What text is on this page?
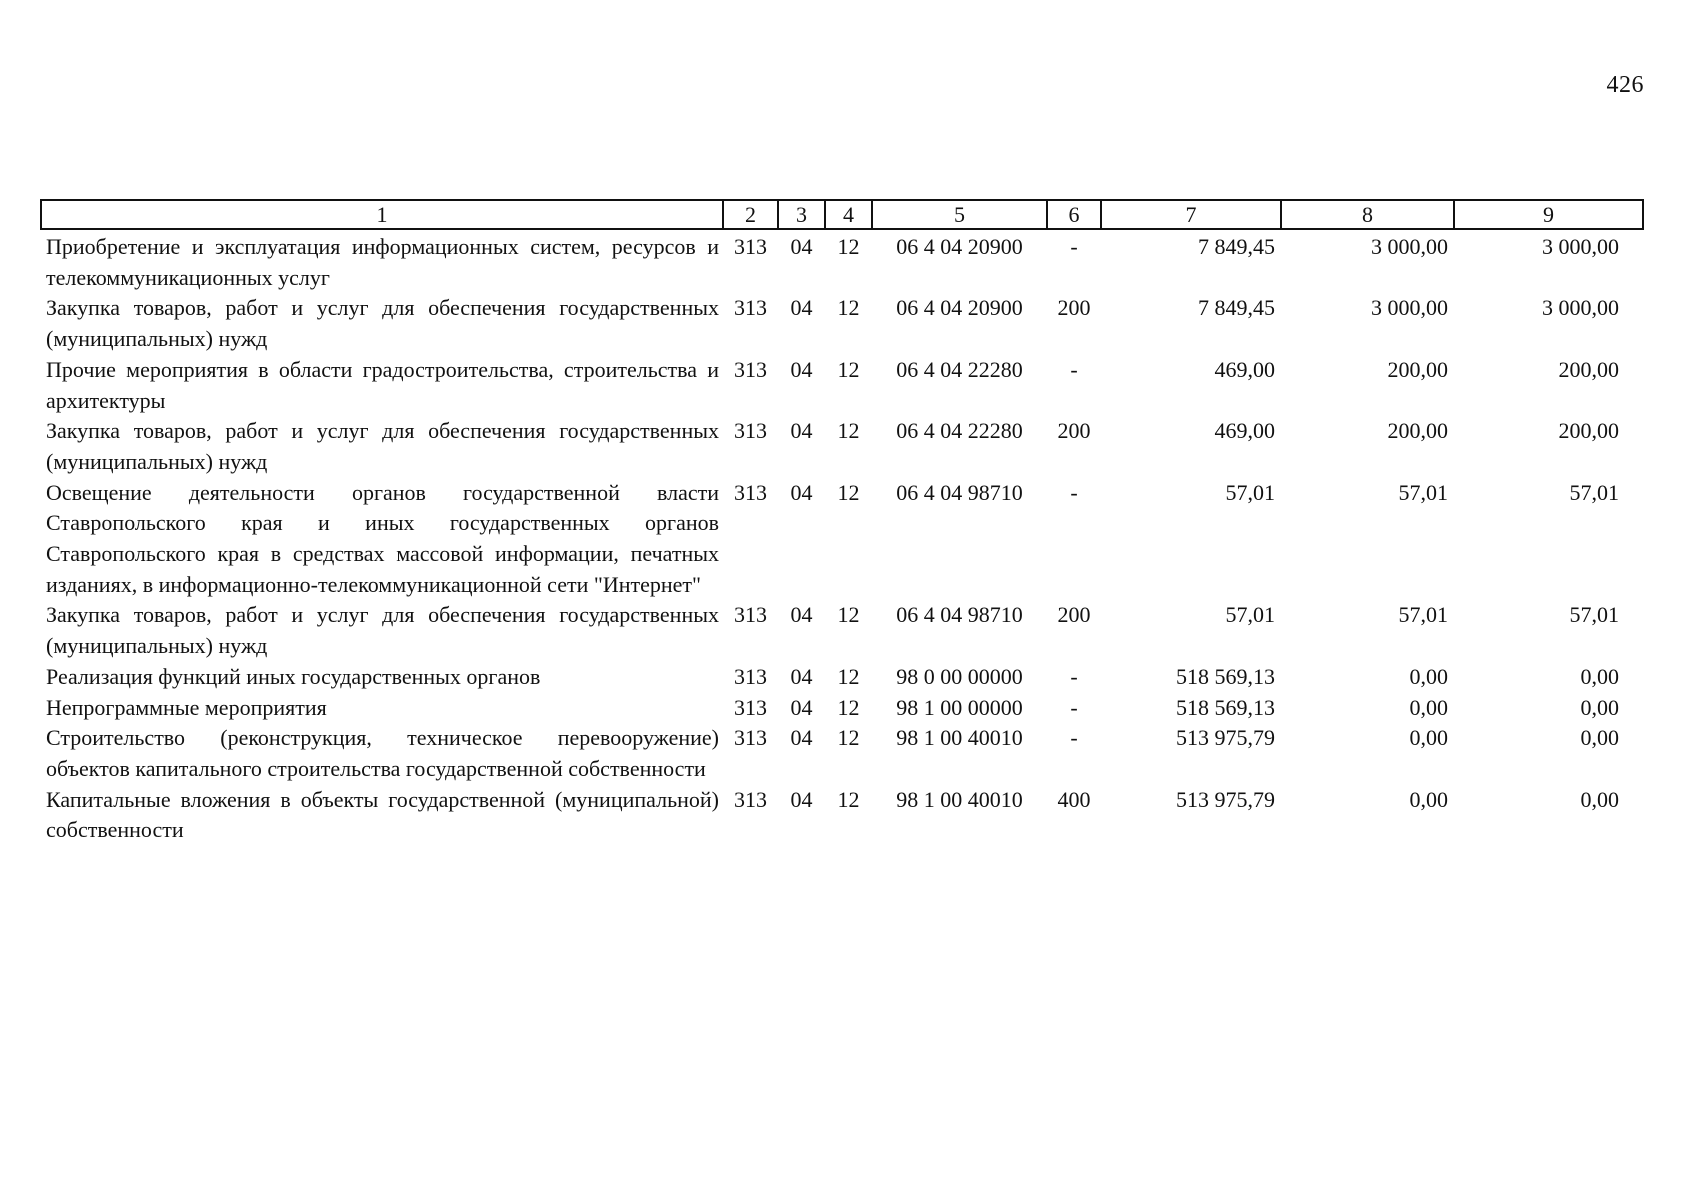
426
1	2	3	4	5	6	7	8	9
Приобретение и эксплуатация информационных систем, ресурсов и телекоммуникационных услуг	313	04	12	06 4 04 20900	-	7 849,45	3 000,00	3 000,00
Закупка товаров, работ и услуг для обеспечения государственных (муниципальных) нужд	313	04	12	06 4 04 20900	200	7 849,45	3 000,00	3 000,00
Прочие мероприятия в области градостроительства, строительства и архитектуры	313	04	12	06 4 04 22280	-	469,00	200,00	200,00
Закупка товаров, работ и услуг для обеспечения государственных (муниципальных) нужд	313	04	12	06 4 04 22280	200	469,00	200,00	200,00
Освещение деятельности органов государственной власти Ставропольского края и иных государственных органов Ставропольского края в средствах массовой информации, печатных изданиях, в информационно-телекоммуникационной сети "Интернет"	313	04	12	06 4 04 98710	-	57,01	57,01	57,01
Закупка товаров, работ и услуг для обеспечения государственных (муниципальных) нужд	313	04	12	06 4 04 98710	200	57,01	57,01	57,01
Реализация функций иных государственных органов	313	04	12	98 0 00 00000	-	518 569,13	0,00	0,00
Непрограммные мероприятия	313	04	12	98 1 00 00000	-	518 569,13	0,00	0,00
Строительство (реконструкция, техническое перевооружение) объектов капитального строительства государственной собственности	313	04	12	98 1 00 40010	-	513 975,79	0,00	0,00
Капитальные вложения в объекты государственной (муниципальной) собственности	313	04	12	98 1 00 40010	400	513 975,79	0,00	0,00
